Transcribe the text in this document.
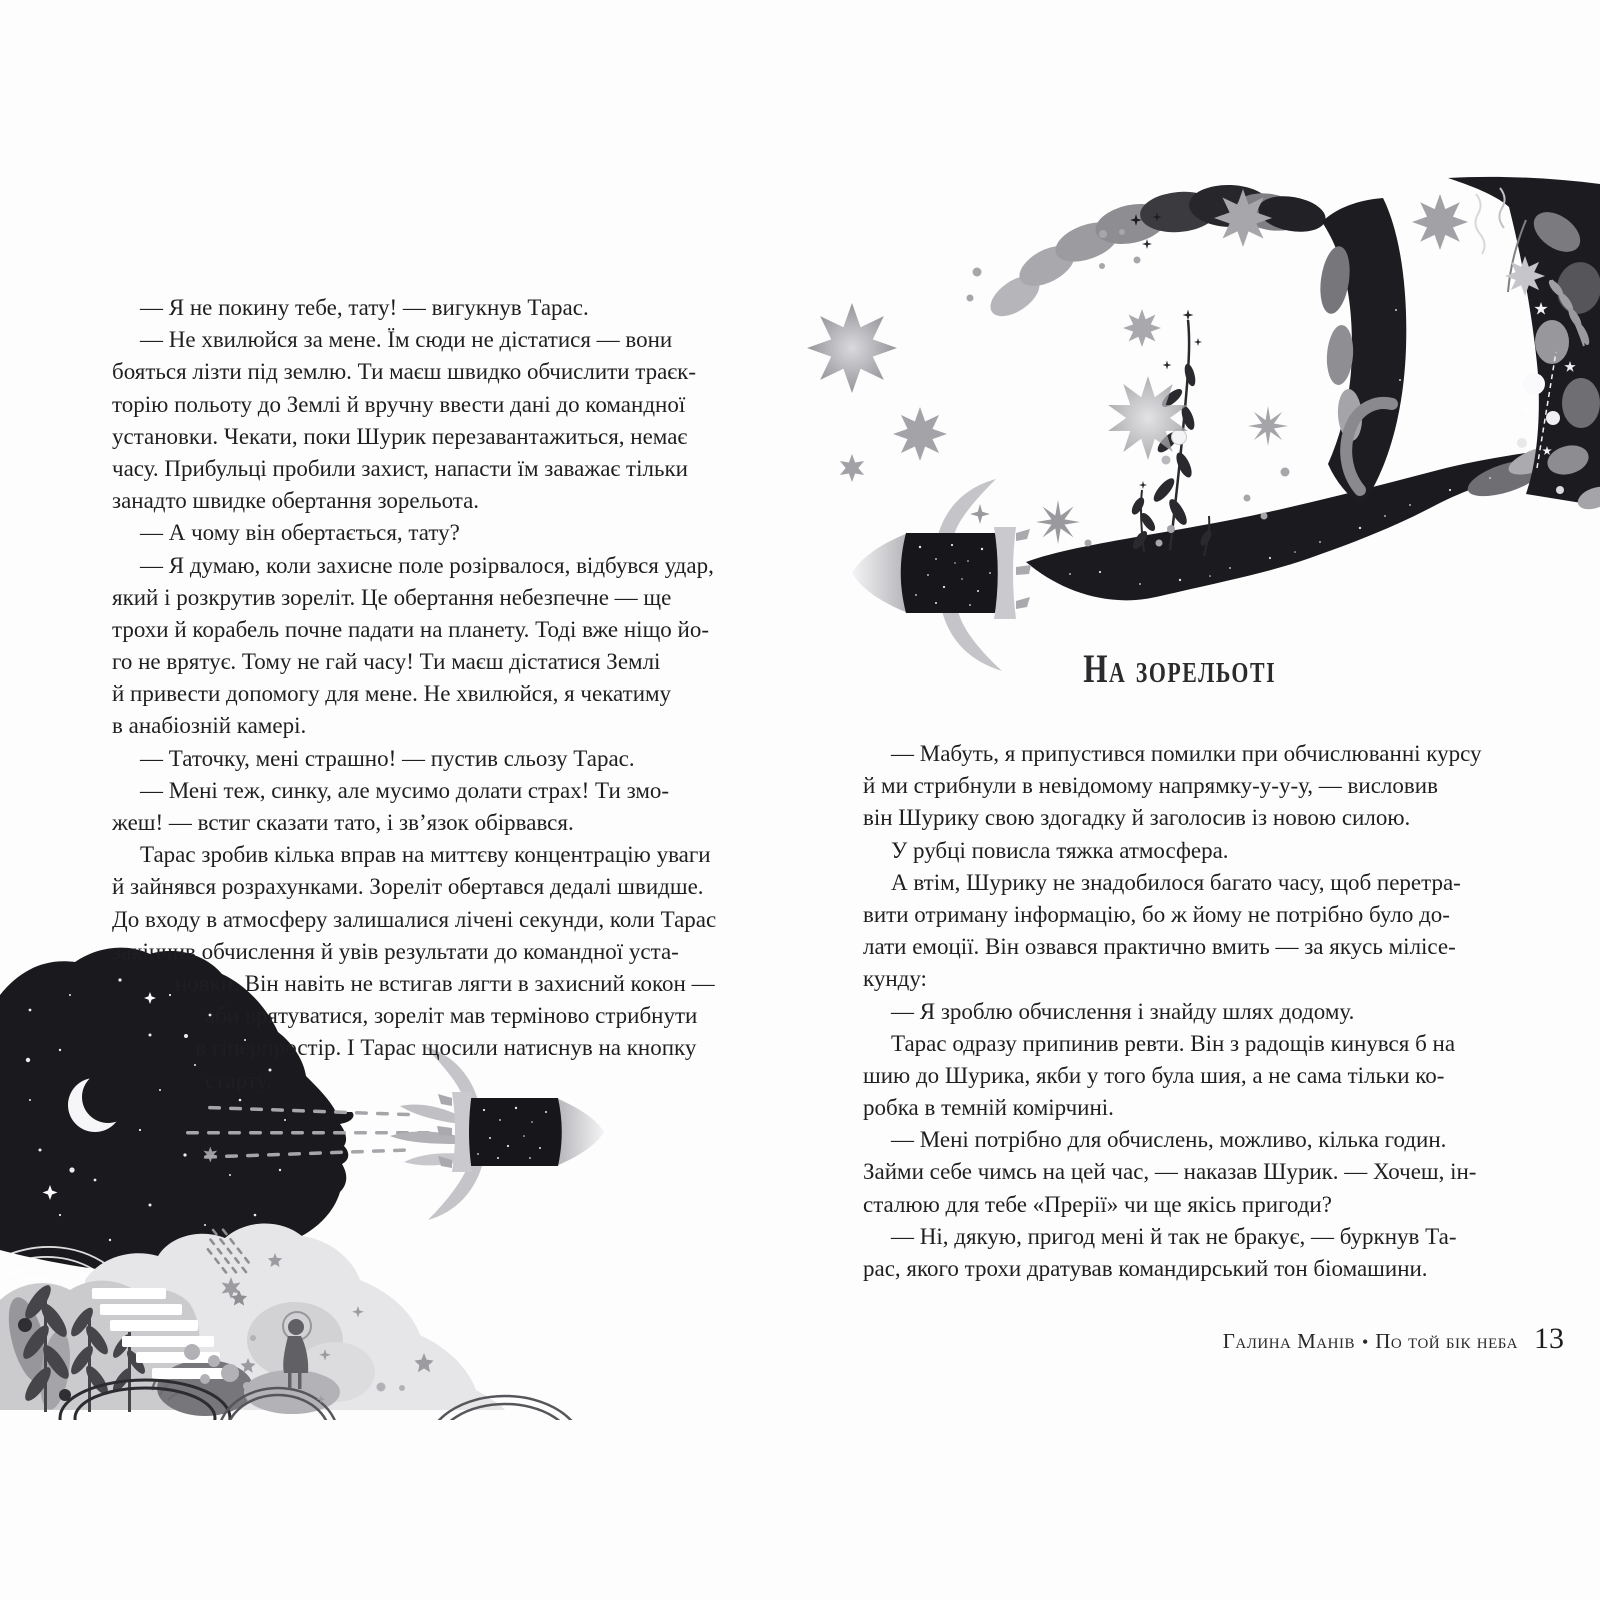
— Я не покину тебе, тату! — вигукнув Тарас.
— Не хвилюйся за мене. Їм сюди не дістатися — вони
бояться лізти під землю. Ти маєш швидко обчислити траєк-
торію польоту до Землі й вручну ввести дані до командної
установки. Чекати, поки Шурик перезавантажиться, немає
часу. Прибульці пробили захист, напасти їм заважає тільки
занадто швидке обертання зорельота.
— А чому він обертається, тату?
— Я думаю, коли захисне поле розірвалося, відбувся удар,
який і розкрутив зореліт. Це обертання небезпечне — ще
трохи й корабель почне падати на планету. Тоді вже ніщо йо-
го не врятує. Тому не гай часу! Ти маєш дістатися Землі
й привести допомогу для мене. Не хвилюйся, я чекатиму
в анабіозній камері.
— Таточку, мені страшно! — пустив сльозу Тарас.
— Мені теж, синку, але мусимо долати страх! Ти змо-
жеш! — встиг сказати тато, і зв’язок обірвався.
Тарас зробив кілька вправ на миттєву концентрацію уваги
й зайнявся розрахунками. Зореліт обертався дедалі швидше.
До входу в атмосферу залишалися лічені секунди, коли Тарас
закінчив обчислення й увів результати до командної уста-
новки. Він навіть не встигав лягти в захисний кокон —
аби врятуватися, зореліт мав терміново стрибнути
в гіперпростір. І Тарас щосили натиснув на кнопку
старту.
На зорельоті
— Мабуть, я припустився помилки при обчислюванні курсу
й ми стрибнули в невідомому напрямку-у-у-у, — висловив
він Шурику свою здогадку й заголосив із новою силою.
У рубці повисла тяжка атмосфера.
А втім, Шурику не знадобилося багато часу, щоб перетра-
вити отриману інформацію, бо ж йому не потрібно було до-
лати емоції. Він озвався практично вмить — за якусь мілісе-
кунду:
— Я зроблю обчислення і знайду шлях додому.
Тарас одразу припинив ревти. Він з радощів кинувся б на
шию до Шурика, якби у того була шия, а не сама тільки ко-
робка в темній комірчині.
— Мені потрібно для обчислень, можливо, кілька годин.
Займи себе чимсь на цей час, — наказав Шурик. — Хочеш, ін-
сталюю для тебе «Прерії» чи ще якісь пригоди?
— Ні, дякую, пригод мені й так не бракує, — буркнув Та-
рас, якого трохи дратував командирський тон біомашини.
Галина Манів • По той бік неба 13
